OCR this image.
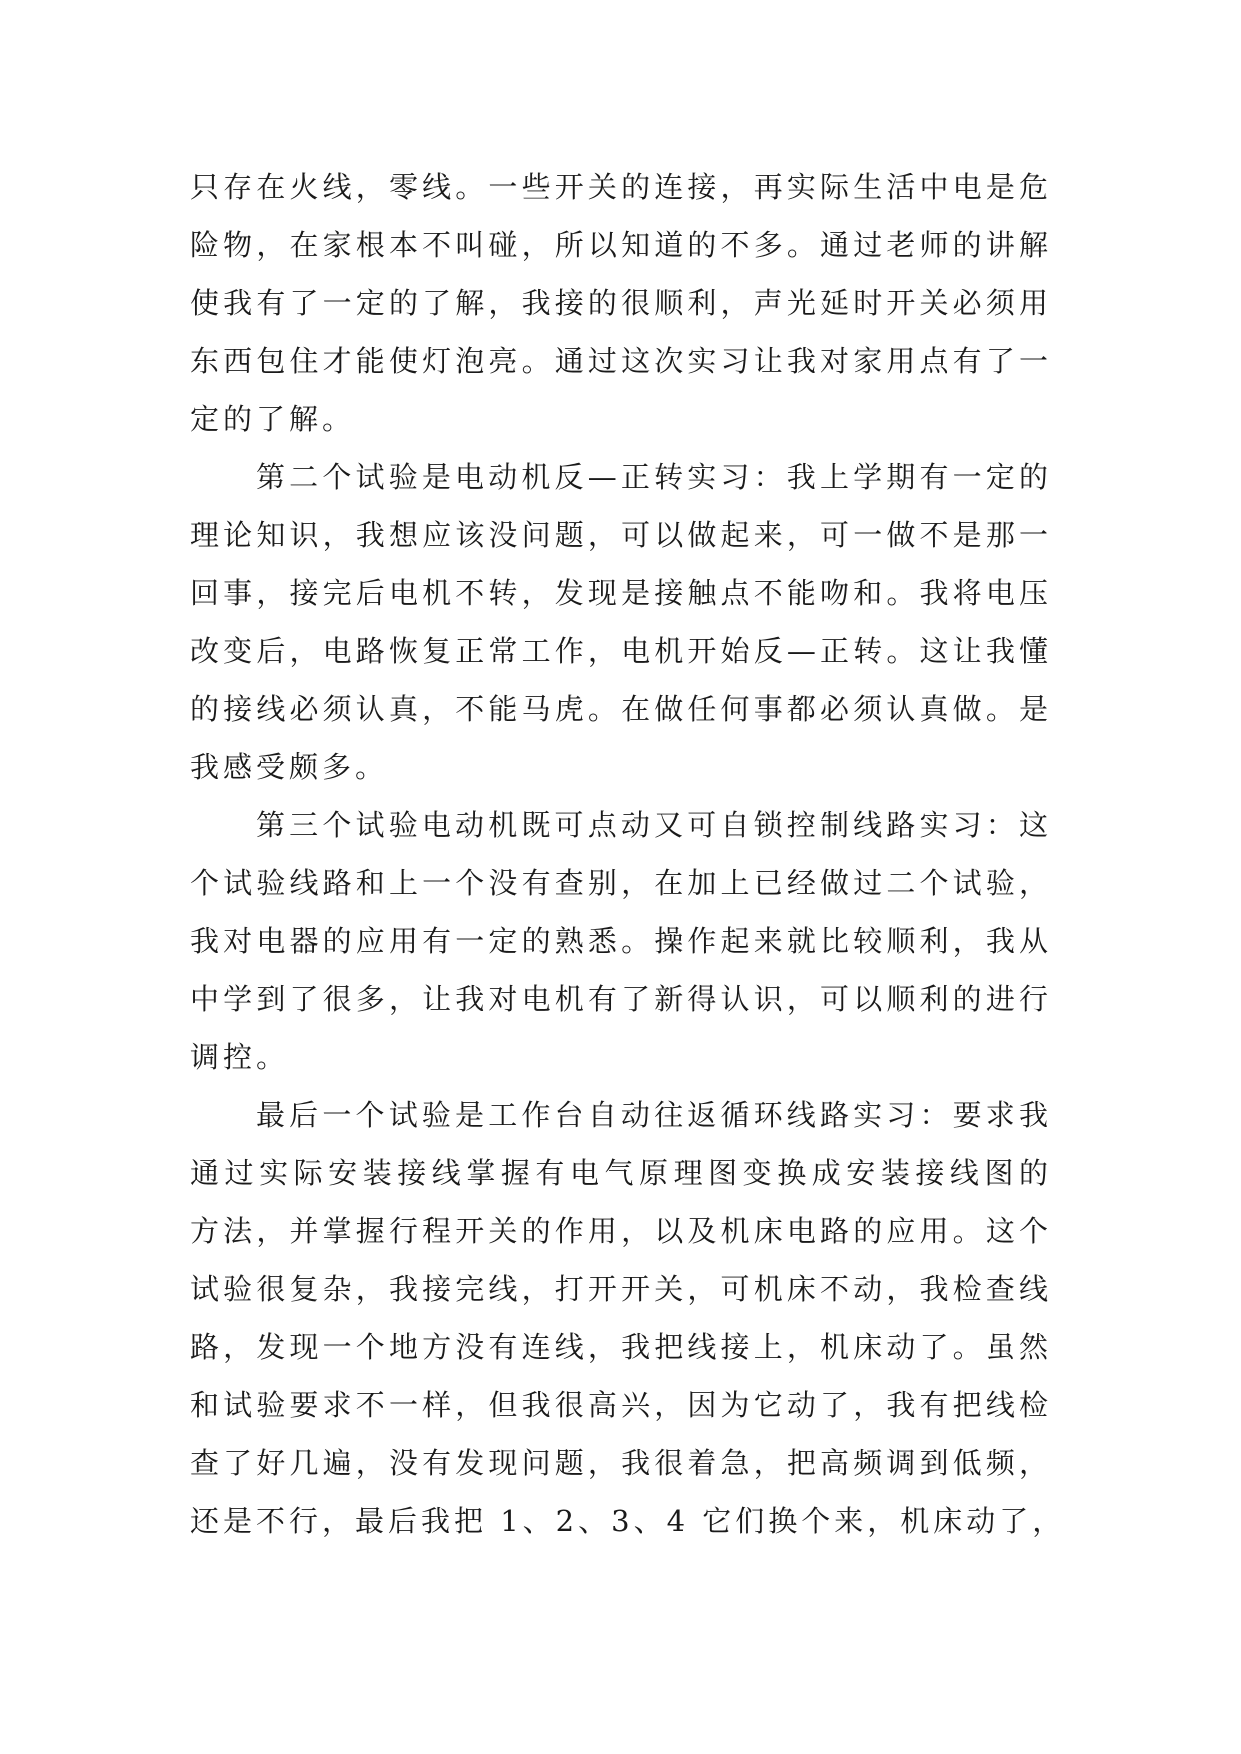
只存在火线，零线。一些开关的连接，再实际生活中电是危
险物，在家根本不叫碰，所以知道的不多。通过老师的讲解
使我有了一定的了解，我接的很顺利，声光延时开关必须用
东西包住才能使灯泡亮。通过这次实习让我对家用点有了一
定的了解。
第二个试验是电动机反—正转实习：我上学期有一定的
理论知识，我想应该没问题，可以做起来，可一做不是那一
回事，接完后电机不转，发现是接触点不能吻和。我将电压
改变后，电路恢复正常工作，电机开始反—正转。这让我懂
的接线必须认真，不能马虎。在做任何事都必须认真做。是
我感受颇多。
第三个试验电动机既可点动又可自锁控制线路实习：这
个试验线路和上一个没有查别，在加上已经做过二个试验，
我对电器的应用有一定的熟悉。操作起来就比较顺利，我从
中学到了很多，让我对电机有了新得认识，可以顺利的进行
调控。
最后一个试验是工作台自动往返循环线路实习：要求我
通过实际安装接线掌握有电气原理图变换成安装接线图的
方法，并掌握行程开关的作用，以及机床电路的应用。这个
试验很复杂，我接完线，打开开关，可机床不动，我检查线
路，发现一个地方没有连线，我把线接上，机床动了。虽然
和试验要求不一样，但我很高兴，因为它动了，我有把线检
查了好几遍，没有发现问题，我很着急，把高频调到低频，
还是不行，最后我把 1、2、3、4 它们换个来，机床动了，
